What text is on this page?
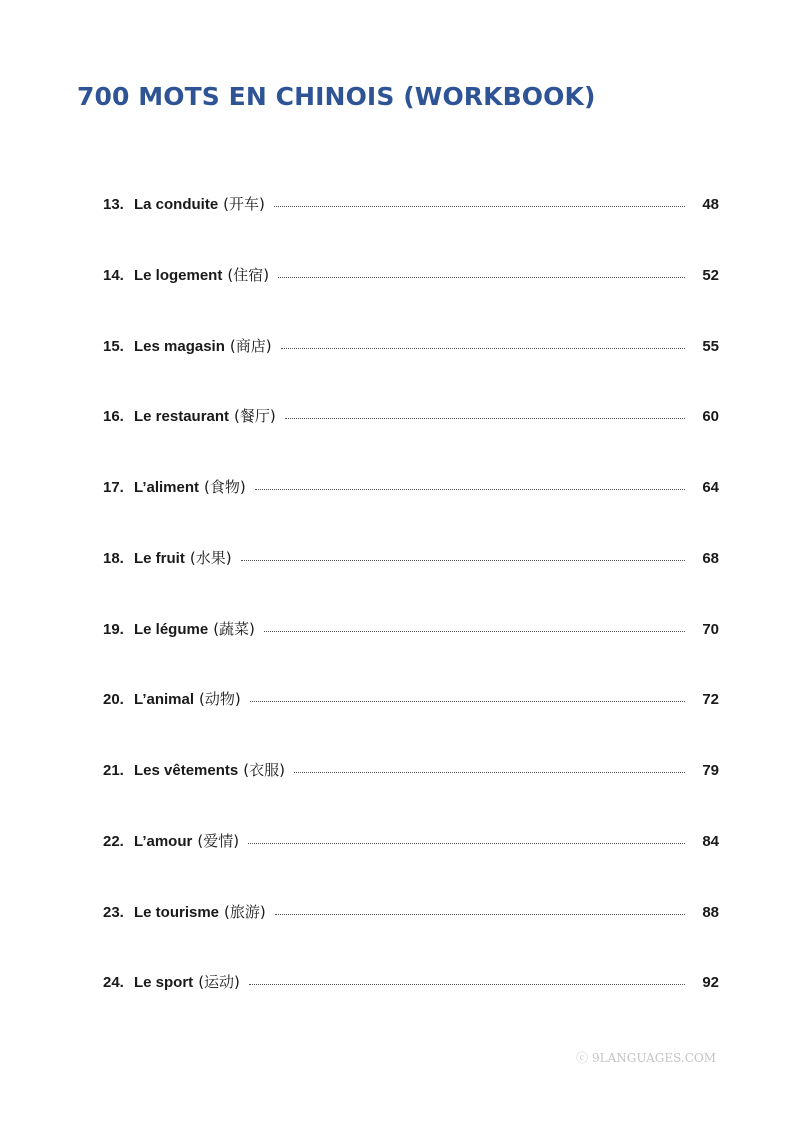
700 MOTS EN CHINOIS (WORKBOOK)
13. La conduite (开车)	48
14. Le logement (住宿)	52
15. Les magasin (商店)	55
16. Le restaurant (餐厅)	60
17. L’aliment (食物)	64
18. Le fruit (水果)	68
19. Le légume (蔬菜)	70
20. L’animal (动物)	72
21. Les vêtements (衣服)	79
22. L’amour (爱情)	84
23. Le tourisme (旅游)	88
24. Le sport (运动)	92
ⓒ 9LANGUAGES.COM
